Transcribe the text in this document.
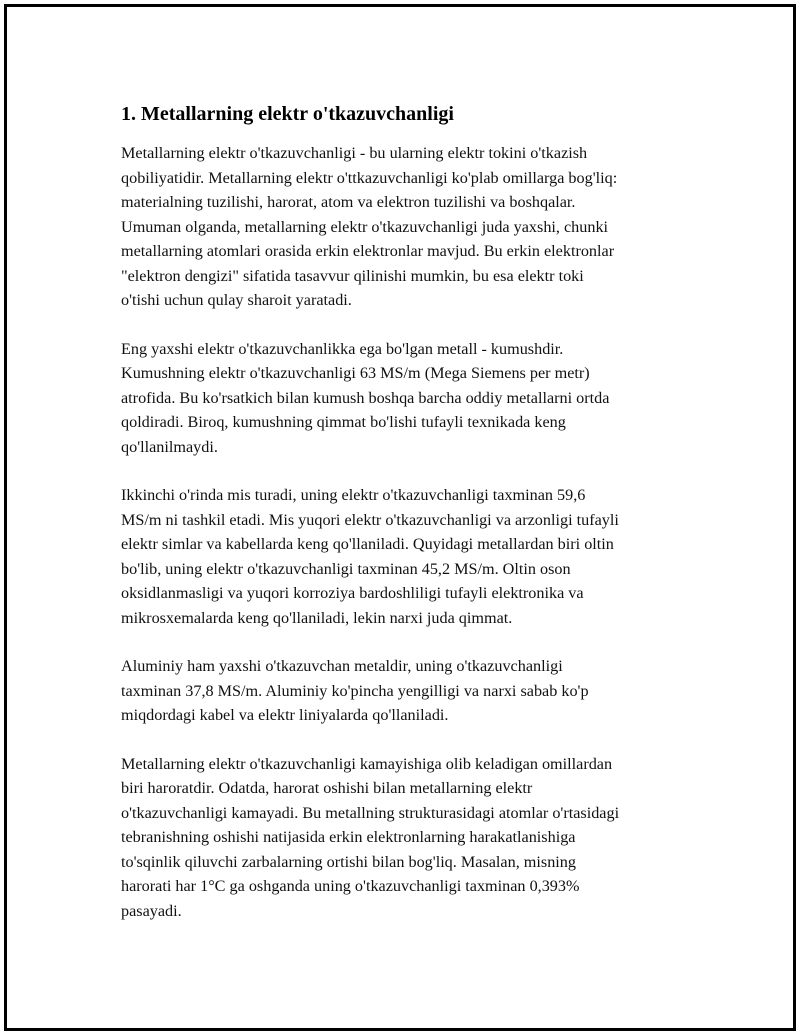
1. Metallarning elektr o'tkazuvchanligi

Metallarning elektr o'tkazuvchanligi - bu ularning elektr tokini o'tkazish
qobiliyatidir. Metallarning elektr o'ttkazuvchanligi ko'plab omillarga bog'liq:
materialning tuzilishi, harorat, atom va elektron tuzilishi va boshqalar.
Umuman olganda, metallarning elektr o'tkazuvchanligi juda yaxshi, chunki
metallarning atomlari orasida erkin elektronlar mavjud. Bu erkin elektronlar
"elektron dengizi" sifatida tasavvur qilinishi mumkin, bu esa elektr toki
o'tishi uchun qulay sharoit yaratadi.

Eng yaxshi elektr o'tkazuvchanlikka ega bo'lgan metall - kumushdir.
Kumushning elektr o'tkazuvchanligi 63 MS/m (Mega Siemens per metr)
atrofida. Bu ko'rsatkich bilan kumush boshqa barcha oddiy metallarni ortda
qoldiradi. Biroq, kumushning qimmat bo'lishi tufayli texnikada keng
qo'llanilmaydi.

Ikkinchi o'rinda mis turadi, uning elektr o'tkazuvchanligi taxminan 59,6
MS/m ni tashkil etadi. Mis yuqori elektr o'tkazuvchanligi va arzonligi tufayli
elektr simlar va kabellarda keng qo'llaniladi. Quyidagi metallardan biri oltin
bo'lib, uning elektr o'tkazuvchanligi taxminan 45,2 MS/m. Oltin oson
oksidlanmasligi va yuqori korroziya bardoshliligi tufayli elektronika va
mikrosxemalarda keng qo'llaniladi, lekin narxi juda qimmat.

Aluminiy ham yaxshi o'tkazuvchan metaldir, uning o'tkazuvchanligi
taxminan 37,8 MS/m. Aluminiy ko'pincha yengilligi va narxi sabab ko'p
miqdordagi kabel va elektr liniyalarda qo'llaniladi.

Metallarning elektr o'tkazuvchanligi kamayishiga olib keladigan omillardan
biri haroratdir. Odatda, harorat oshishi bilan metallarning elektr
o'tkazuvchanligi kamayadi. Bu metallning strukturasidagi atomlar o'rtasidagi
tebranishning oshishi natijasida erkin elektronlarning harakatlanishiga
to'sqinlik qiluvchi zarbalarning ortishi bilan bog'liq. Masalan, misning
harorati har 1°C ga oshganda uning o'tkazuvchanligi taxminan 0,393%
pasayadi.
